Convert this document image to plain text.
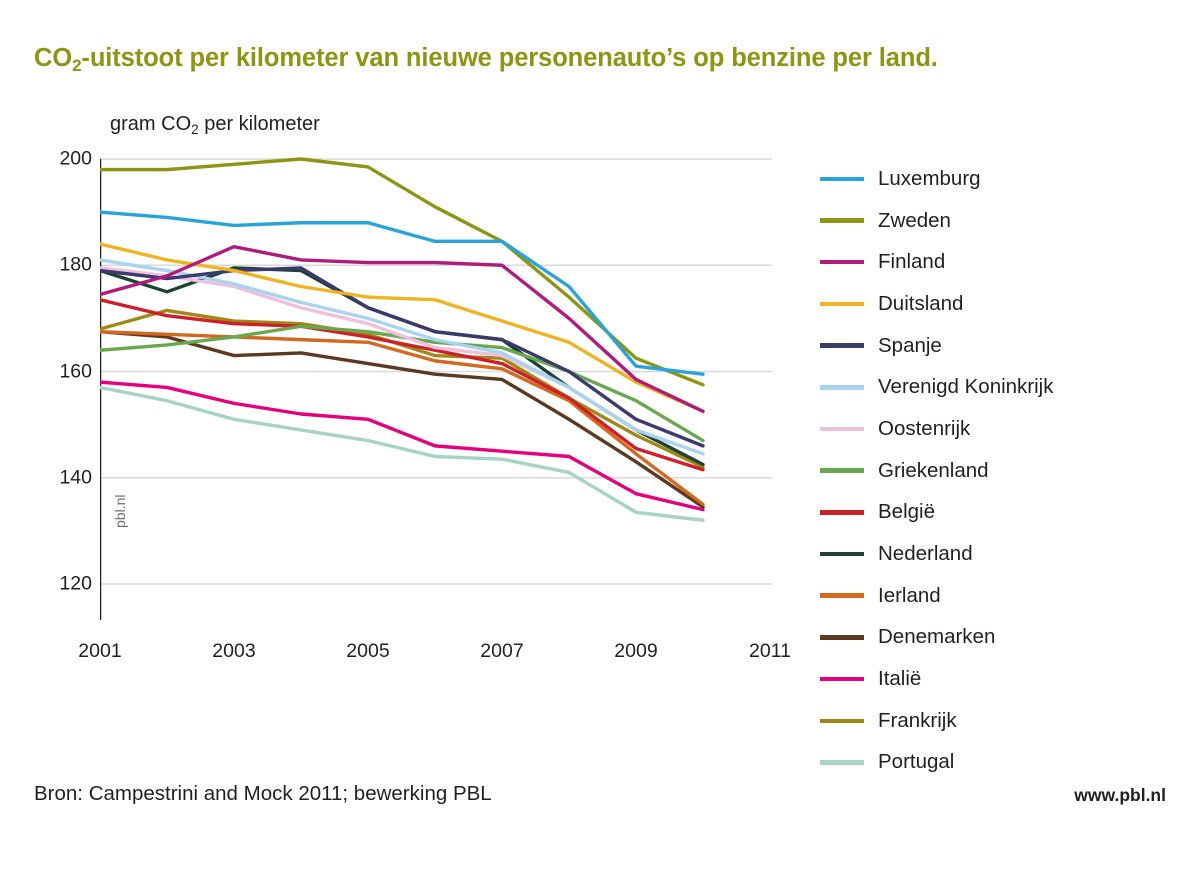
$CO_2$-uitstoot per kilometer van nieuwe personenauto’s op benzine per land.
gram $CO_2$ per kilometer
120
140
160
180
200
2001	2003	2005	2007	2009	2011
pbl.nl
Luxemburg
Zweden
Finland
Duitsland
Spanje
Verenigd Koninkrijk
Oostenrijk
Griekenland
België
Nederland
Ierland
Denemarken
Italië
Frankrijk
Portugal
Bron: Campestrini and Mock 2011; bewerking PBL	www.pbl.nl
